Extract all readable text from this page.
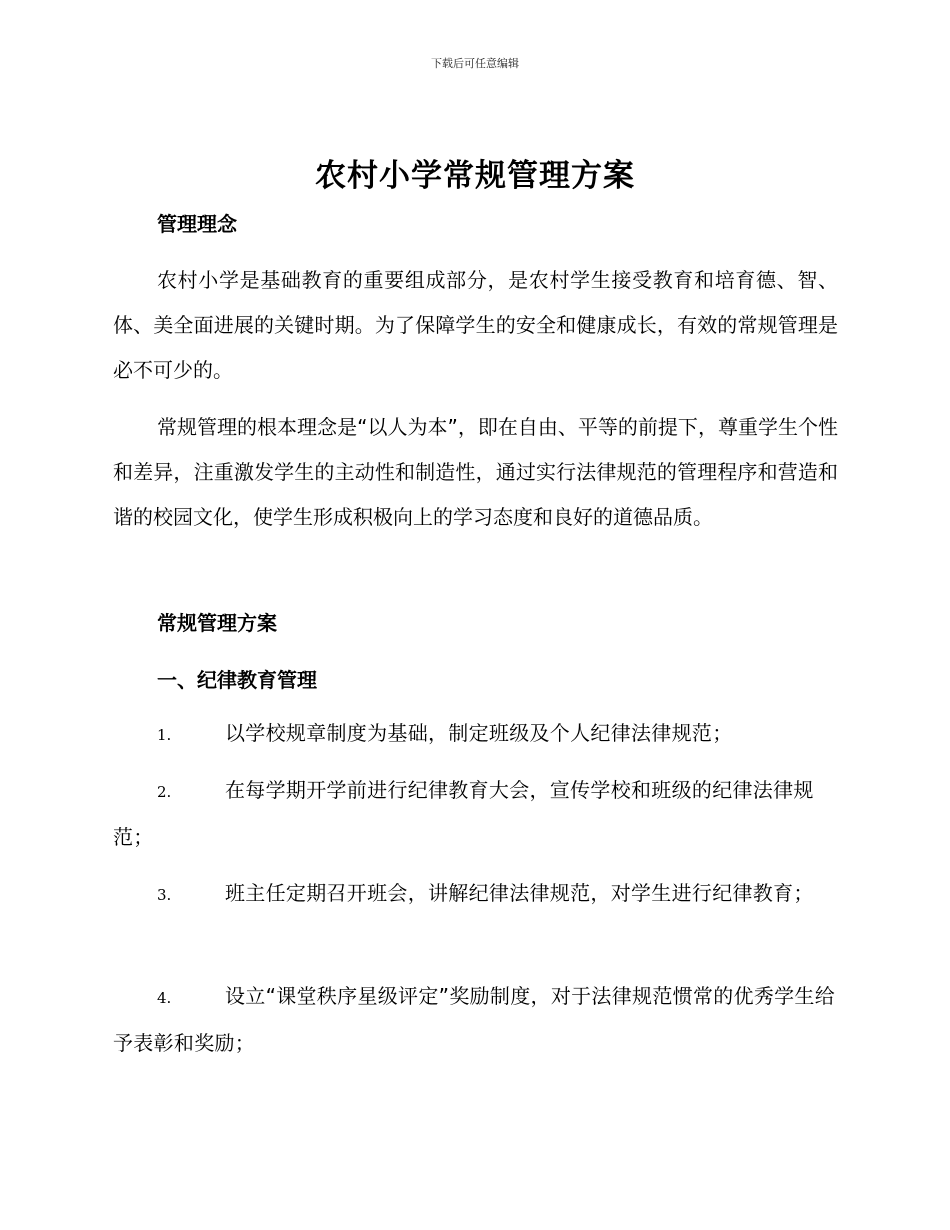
下载后可任意编辑
农村小学常规管理方案
管理理念

农村小学是基础教育的重要组成部分，是农村学生接受教育和培育德、智、体、美全面进展的关键时期。为了保障学生的安全和健康成长，有效的常规管理是必不可少的。

常规管理的根本理念是“以人为本”，即在自由、平等的前提下，尊重学生个性和差异，注重激发学生的主动性和制造性，通过实行法律规范的管理程序和营造和谐的校园文化，使学生形成积极向上的学习态度和良好的道德品质。

常规管理方案
一、纪律教育管理

1.	以学校规章制度为基础，制定班级及个人纪律法律规范；

2.	在每学期开学前进行纪律教育大会，宣传学校和班级的纪律法律规范；

3.	班主任定期召开班会，讲解纪律法律规范，对学生进行纪律教育；

4.	设立“课堂秩序星级评定”奖励制度，对于法律规范惯常的优秀学生给予表彰和奖励；
